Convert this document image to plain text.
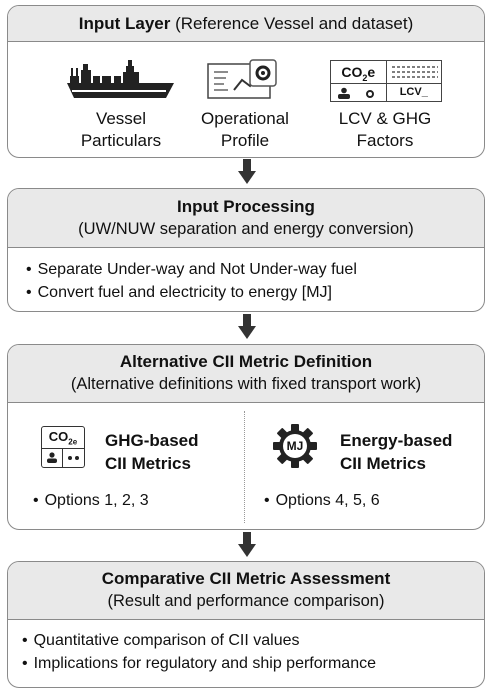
Input Layer (Reference Vessel and dataset)
$CO_2e$
LCV_
Vessel
Particulars
Operational
Profile
LCV & GHG
Factors
Input Processing
(UW/NUW separation and energy conversion)
• Separate Under-way and Not Under-way fuel
• Convert fuel and electricity to energy [MJ]
Alternative CII Metric Definition
(Alternative definitions with fixed transport work)
$CO_{2e}$	GHG-based
CII Metrics
• Options 1, 2, 3
MJ Energy-based
CII Metrics
• Options 4, 5, 6
Comparative CII Metric Assessment
(Result and performance comparison)
• Quantitative comparison of CII values
• Implications for regulatory and ship performance
